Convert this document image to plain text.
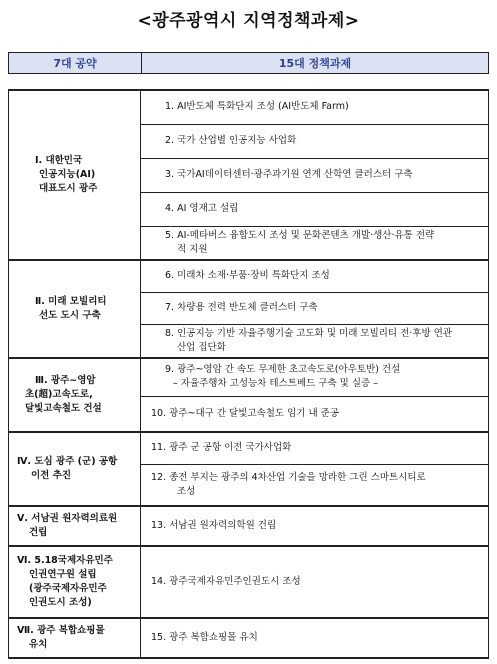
<광주광역시 지역정책과제>
7대 공약	15대 정책과제
Ⅰ. 대한민국
인공지능(AI)
대표도시 광주	1. AI반도체 특화단지 조성 (AI반도체 Farm)

	2. 국가 산업별 인공지능 사업화

	3. 국가AI데이터센터·광주과기원 연계 산학연 클러스터 구축

	4. AI 영재고 설립

	5. AI-메타버스 융합도시 조성 및 문화콘텐츠 개발·생산·유통 전략
적 지원

Ⅱ. 미래 모빌리티
선도 도시 구축	6. 미래차 소재·부품·장비 특화단지 조성

	7. 차량용 전력 반도체 클러스터 구축

	8. 인공지능 기반 자율주행기술 고도화 및 미래 모빌리티 전·후방 연관
산업 집단화

Ⅲ. 광주~영암
초(超)고속도로,
달빛고속철도 건설	9. 광주~영암 간 속도 무제한 초고속도로(아우토반) 건설
– 자율주행차 고성능차 테스트베드 구축 및 실증 –

	10. 광주~대구 간 달빛고속철도 임기 내 준공

Ⅳ. 도심 광주 (군) 공항

이전 추진	11. 광주 군 공항 이전 국가사업화

	12. 종전 부지는 광주의 4차산업 기술을 망라한 그린 스마트시티로
조성

Ⅴ. 서남권 원자력의료원

건립	13. 서남권 원자력의학원 건립

Ⅵ. 5.18국제자유민주

인권연구원 설립
(광주국제자유민주
인권도시 조성)	14. 광주국제자유민주인권도시 조성

Ⅶ. 광주 복합쇼핑몰

유치	15. 광주 복합쇼핑몰 유치
